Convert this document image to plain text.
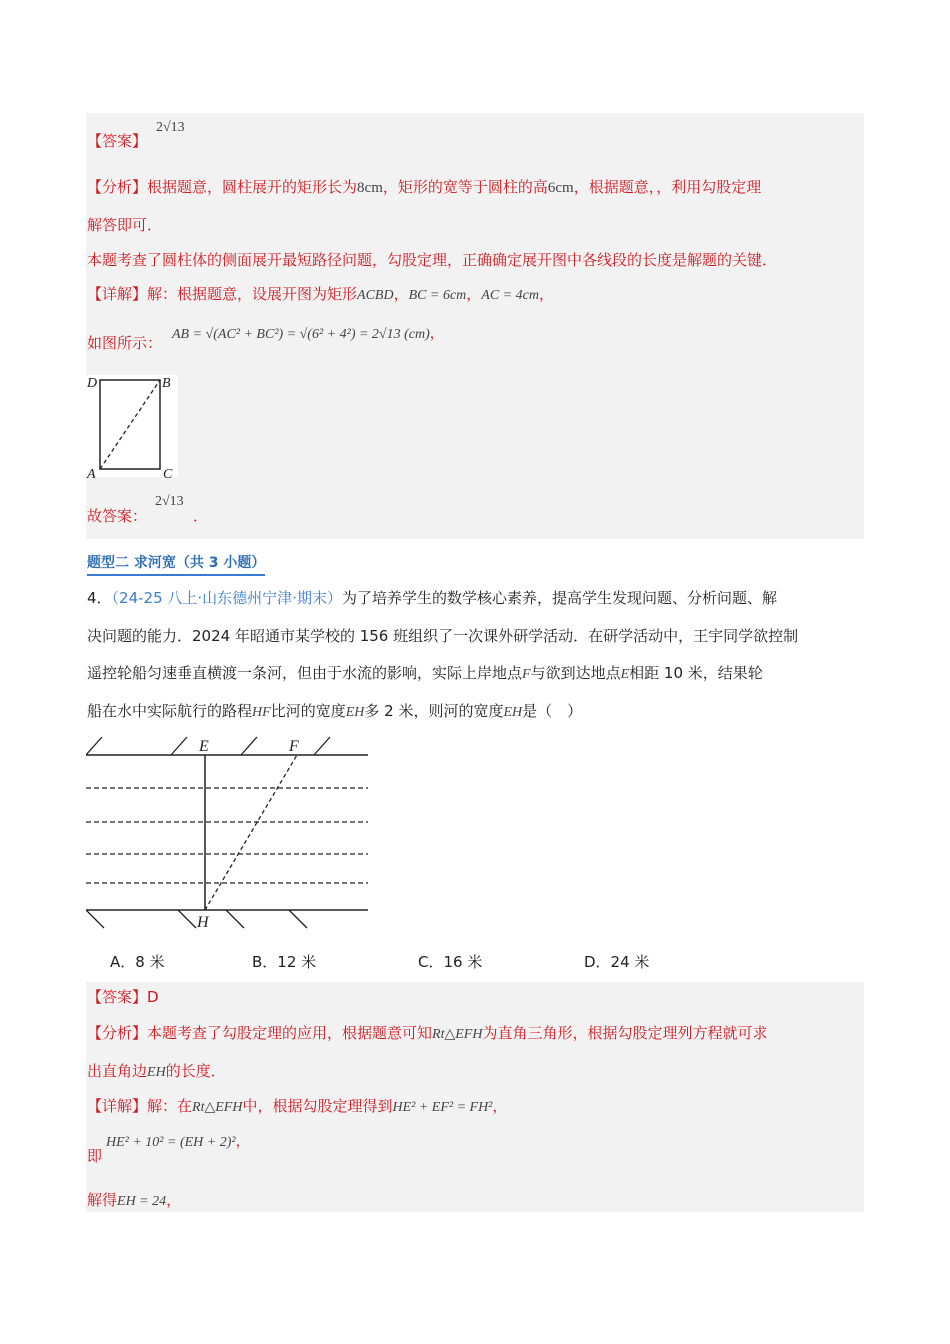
【答案】
2√13
【分析】根据题意，圆柱展开的矩形长为8cm，矩形的宽等于圆柱的高6cm，根据题意，，利用勾股定理
解答即可．
本题考查了圆柱体的侧面展开最短路径问题，勾股定理，正确确定展开图中各线段的长度是解题的关键．
【详解】解：根据题意，设展开图为矩形ACBD，BC = 6cm，AC = 4cm，
如图所示： AB = √(AC² + BC²) = √(6² + 4²) = 2√13 (cm)，
D	B
A	C
故答案：
2√13
．
题型二 求河宽（共 3 小题）
4．（24-25 八上·山东德州宁津·期末）为了培养学生的数学核心素养，提高学生发现问题、分析问题、解
决问题的能力．2024 年昭通市某学校的 156 班组织了一次课外研学活动．在研学活动中，王宇同学欲控制
遥控轮船匀速垂直横渡一条河，但由于水流的影响，实际上岸地点F与欲到达地点E相距 10 米，结果轮
船在水中实际航行的路程HF比河的宽度EH多 2 米，则河的宽度EH是（　）
E	F
H
A．8 米	B．12 米	C．16 米	D．24 米
【答案】D
【分析】本题考查了勾股定理的应用，根据题意可知Rt△EFH为直角三角形，根据勾股定理列方程就可求
出直角边EH的长度．
【详解】解：在Rt△EFH中，根据勾股定理得到HE² + EF² = FH²，
即
HE² + 10² = (EH + 2)²，
解得EH = 24，
